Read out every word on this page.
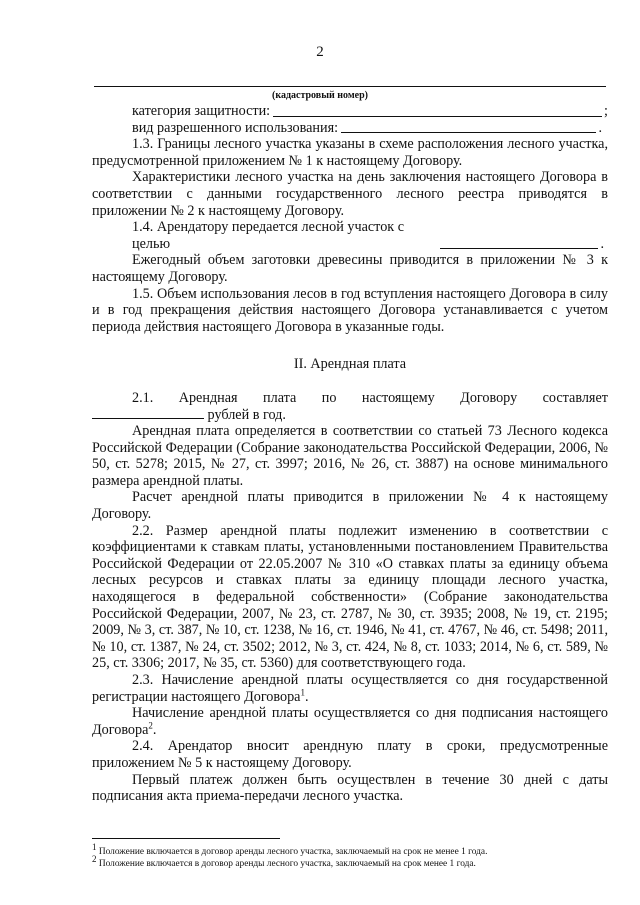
2
(кадастровый номер)
категория защитности:	;
вид разрешенного использования:	.

1.3. Границы лесного участка указаны в схеме расположения лесного участка, предусмотренной приложением № 1 к настоящему Договору.

Характеристики лесного участка на день заключения настоящего Договора в соответствии с данными государственного лесного реестра приводятся в приложении № 2 к настоящему Договору.

1.4. Арендатору передается лесной участок с целью	.

Ежегодный объем заготовки древесины приводится в приложении № 3 к настоящему Договору.

1.5. Объем использования лесов в год вступления настоящего Договора в силу и в год прекращения действия настоящего Договора устанавливается с учетом периода действия настоящего Договора в указанные годы.

II. Арендная плата

2.1. Арендная плата по настоящему Договору составляет
рублей в год.

Арендная плата определяется в соответствии со статьей 73 Лесного кодекса Российской Федерации (Собрание законодательства Российской Федерации, 2006, № 50, ст. 5278; 2015, № 27, ст. 3997; 2016, № 26, ст. 3887) на основе минимального размера арендной платы.

Расчет арендной платы приводится в приложении № 4 к настоящему Договору.

2.2. Размер арендной платы подлежит изменению в соответствии с коэффициентами к ставкам платы, установленными постановлением Правительства Российской Федерации от 22.05.2007 № 310 «О ставках платы за единицу объема лесных ресурсов и ставках платы за единицу площади лесного участка, находящегося в федеральной собственности» (Собрание законодательства Российской Федерации, 2007, № 23, ст. 2787, № 30, ст. 3935; 2008, № 19, ст. 2195; 2009, № 3, ст. 387, № 10, ст. 1238, № 16, ст. 1946, № 41, ст. 4767, № 46, ст. 5498; 2011, № 10, ст. 1387, № 24, ст. 3502; 2012, № 3, ст. 424, № 8, ст. 1033; 2014, № 6, ст. 589, № 25, ст. 3306; 2017, № 35, ст. 5360) для соответствующего года.

2.3. Начисление арендной платы осуществляется со дня государственной регистрации настоящего Договора$^1$.

Начисление арендной платы осуществляется со дня подписания настоящего Договора$^2$.

2.4. Арендатор вносит арендную плату в сроки, предусмотренные приложением № 5 к настоящему Договору.

Первый платеж должен быть осуществлен в течение 30 дней с даты подписания акта приема-передачи лесного участка.

$^1$ Положение включается в договор аренды лесного участка, заключаемый на срок не менее 1 года.
$^2$ Положение включается в договор аренды лесного участка, заключаемый на срок менее 1 года.
